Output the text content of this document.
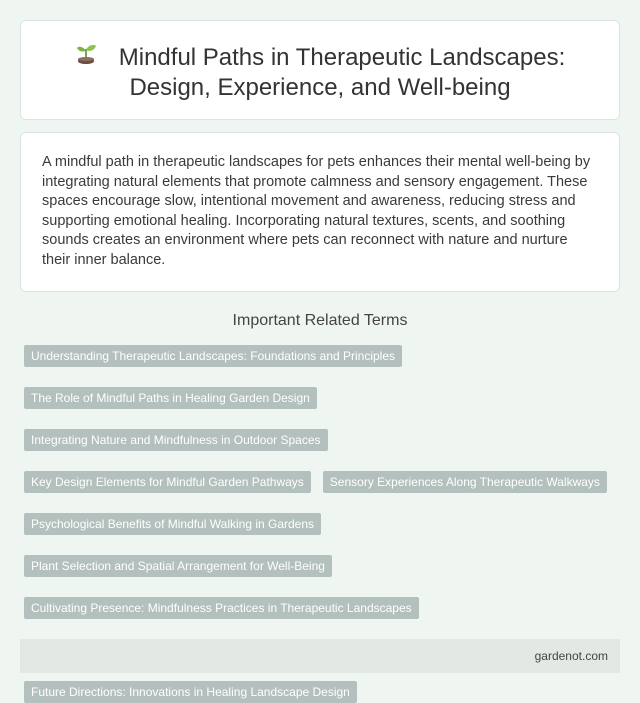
Mindful Paths in Therapeutic Landscapes:
Design, Experience, and Well-being

A mindful path in therapeutic landscapes for pets enhances their mental well-being by integrating natural elements that promote calmness and sensory engagement. These spaces encourage slow, intentional movement and awareness, reducing stress and supporting emotional healing. Incorporating natural textures, scents, and soothing sounds creates an environment where pets can reconnect with nature and nurture their inner balance.

Important Related Terms
Understanding Therapeutic Landscapes: Foundations and Principles
The Role of Mindful Paths in Healing Garden Design
Integrating Nature and Mindfulness in Outdoor Spaces
Key Design Elements for Mindful Garden Pathways	Sensory Experiences Along Therapeutic Walkways
Psychological Benefits of Mindful Walking in Gardens
Plant Selection and Spatial Arrangement for Well-Being
Cultivating Presence: Mindfulness Practices in Therapeutic Landscapes
Future Directions: Innovations in Healing Landscape Design
gardenot.com
